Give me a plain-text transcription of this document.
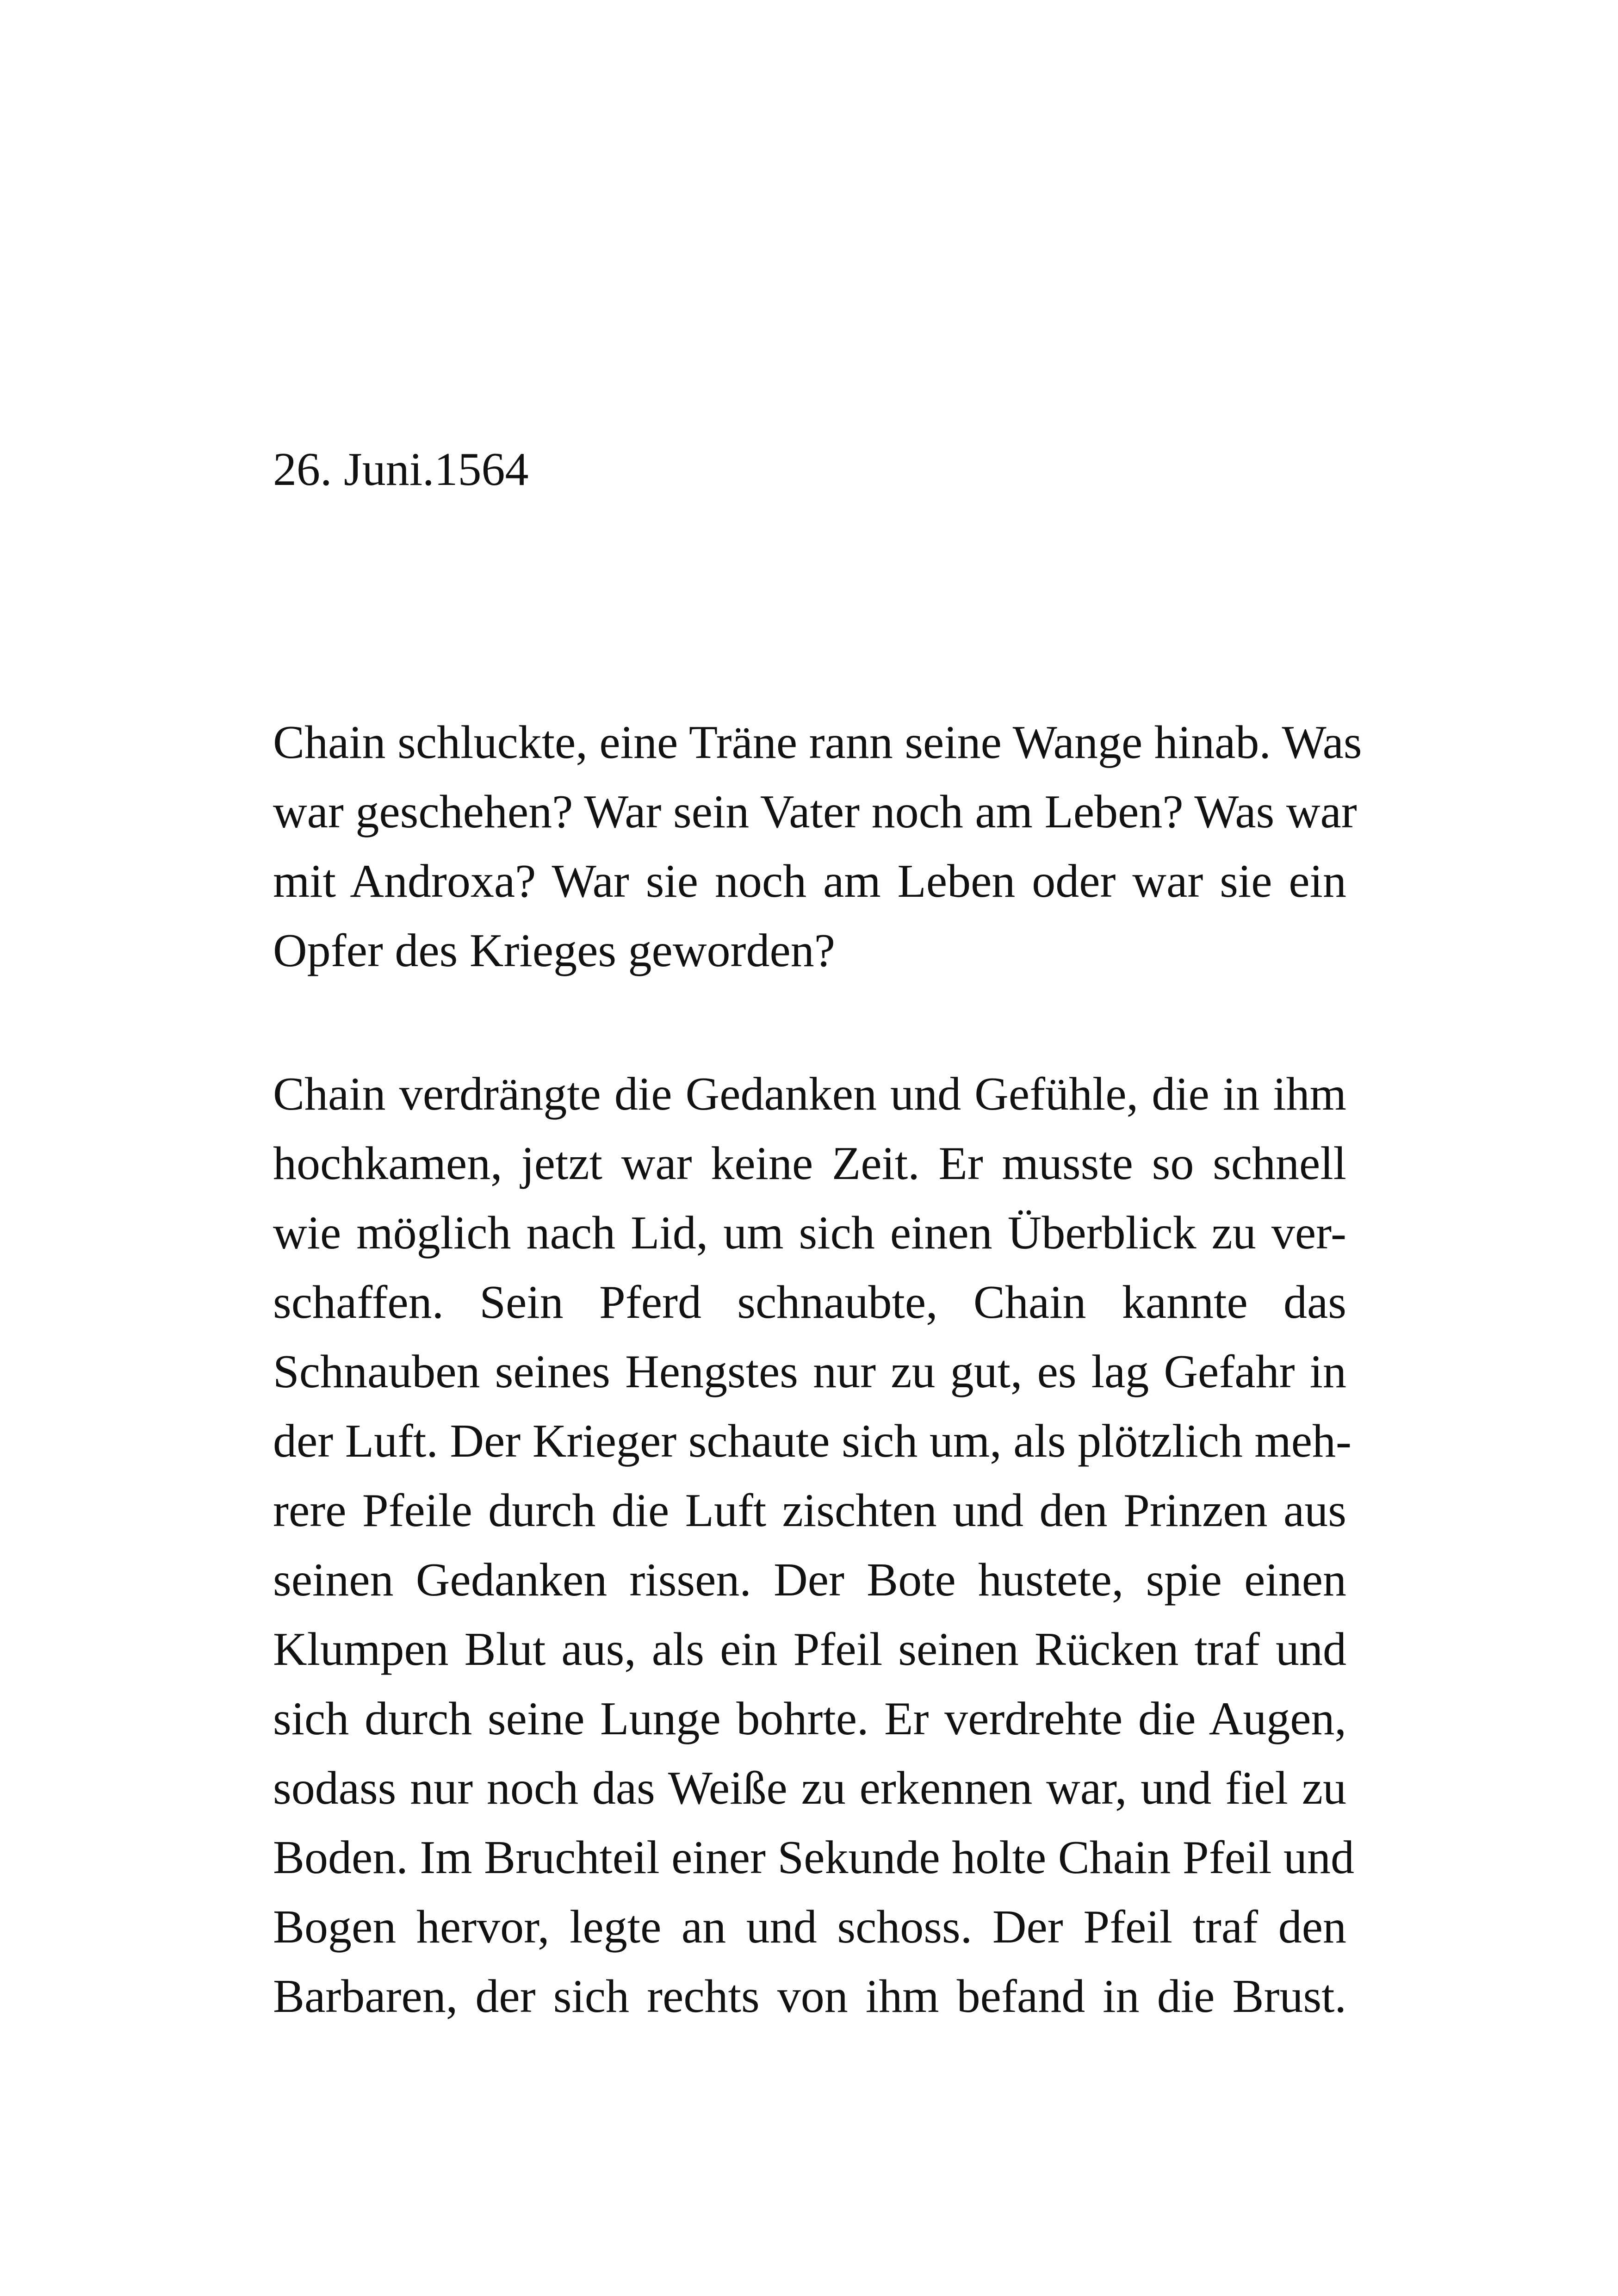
26. Juni.1564

Chain schluckte, eine Träne rann seine Wange hinab. Was
war geschehen? War sein Vater noch am Leben? Was war
mit Androxa? War sie noch am Leben oder war sie ein
Opfer des Krieges geworden?
Chain verdrängte die Gedanken und Gefühle, die in ihm
hochkamen, jetzt war keine Zeit. Er musste so schnell
wie möglich nach Lid, um sich einen Überblick zu ver-
schaffen. Sein Pferd schnaubte, Chain kannte das
Schnauben seines Hengstes nur zu gut, es lag Gefahr in
der Luft. Der Krieger schaute sich um, als plötzlich meh-
rere Pfeile durch die Luft zischten und den Prinzen aus
seinen Gedanken rissen. Der Bote hustete, spie einen
Klumpen Blut aus, als ein Pfeil seinen Rücken traf und
sich durch seine Lunge bohrte. Er verdrehte die Augen,
sodass nur noch das Weiße zu erkennen war, und fiel zu
Boden. Im Bruchteil einer Sekunde holte Chain Pfeil und
Bogen hervor, legte an und schoss. Der Pfeil traf den
Barbaren, der sich rechts von ihm befand in die Brust.
